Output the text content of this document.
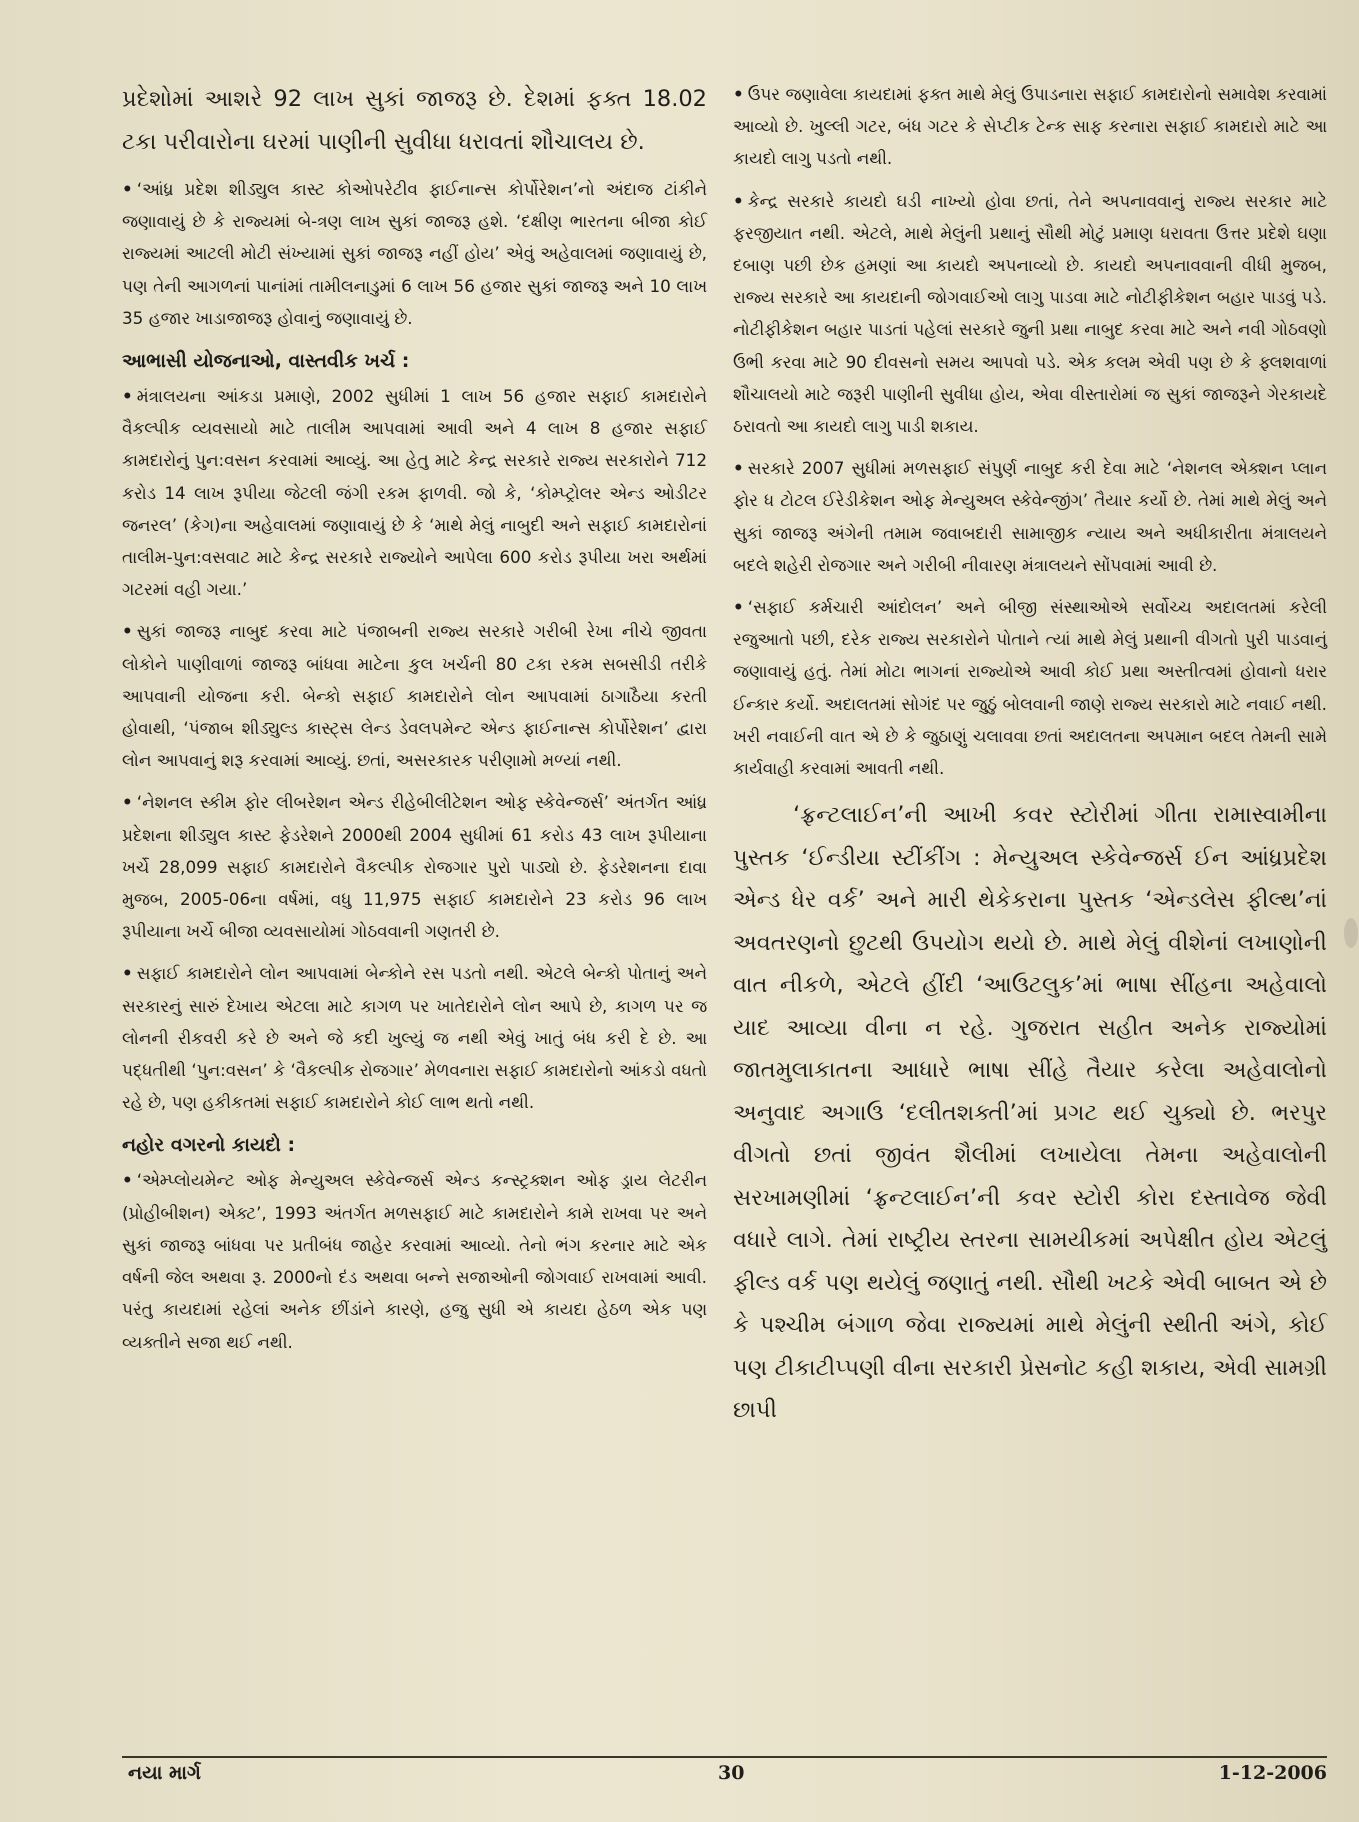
પ્રદેશોમાં આશરે 92 લાખ સુકાં જાજરૂ છે. દેશમાં ફક્ત 18.02 ટકા પરીવારોના ઘરમાં પાણીની સુવીધા ધરાવતાં શૌચાલય છે.

• ‘આંધ્ર પ્રદેશ શીડ્યુલ કાસ્ટ કોઓપરેટીવ ફાઈનાન્સ કોર્પોરેશન’નો અંદાજ ટાંકીને જણાવાયું છે કે રાજ્યમાં બે-ત્રણ લાખ સુકાં જાજરૂ હશે. ‘દક્ષીણ ભારતના બીજા કોઈ રાજ્યમાં આટલી મોટી સંખ્યામાં સુકાં જાજરૂ નહીં હોય’ એવું અહેવાલમાં જણાવાયું છે, પણ તેની આગળનાં પાનાંમાં તામીલનાડુમાં 6 લાખ 56 હજાર સુકાં જાજરૂ અને 10 લાખ 35 હજાર ખાડાજાજરૂ હોવાનું જણાવાયું છે.

આભાસી યોજનાઓ, વાસ્તવીક ખર્ચ :

• મંત્રાલયના આંકડા પ્રમાણે, 2002 સુધીમાં 1 લાખ 56 હજાર સફાઈ કામદારોને વૈકલ્પીક વ્યવસાયો માટે તાલીમ આપવામાં આવી અને 4 લાખ 8 હજાર સફાઈ કામદારોનું પુન:વસન કરવામાં આવ્યું. આ હેતુ માટે કેન્દ્ર સરકારે રાજ્ય સરકારોને 712 કરોડ 14 લાખ રૂપીયા જેટલી જંગી રકમ ફાળવી. જો કે, ‘કોમ્પ્ટ્રોલર એન્ડ ઓડીટર જનરલ’ (કેગ)ના અહેવાલમાં જણાવાયું છે કે ‘માથે મેલું નાબુદી અને સફાઈ કામદારોનાં તાલીમ-પુન:વસવાટ માટે કેન્દ્ર સરકારે રાજ્યોને આપેલા 600 કરોડ રૂપીયા ખરા અર્થમાં ગટરમાં વહી ગયા.’

• સુકાં જાજરૂ નાબુદ કરવા માટે પંજાબની રાજ્ય સરકારે ગરીબી રેખા નીચે જીવતા લોકોને પાણીવાળાં જાજરૂ બાંધવા માટેના કુલ ખર્ચની 80 ટકા રકમ સબસીડી તરીકે આપવાની યોજના કરી. બેન્કો સફાઈ કામદારોને લોન આપવામાં ઠાગાઠૈયા કરતી હોવાથી, ‘પંજાબ શીડ્યુલ્ડ કાસ્ટ્સ લેન્ડ ડેવલપમેન્ટ એન્ડ ફાઈનાન્સ કોર્પોરેશન’ દ્વારા લોન આપવાનું શરૂ કરવામાં આવ્યું. છતાં, અસરકારક પરીણામો મળ્યાં નથી.

• ‘નેશનલ સ્કીમ ફોર લીબરેશન એન્ડ રીહેબીલીટેશન ઓફ સ્કેવેન્જર્સ’ અંતર્ગત આંધ્ર પ્રદેશના શીડ્યુલ કાસ્ટ ફેડરેશને 2000થી 2004 સુધીમાં 61 કરોડ 43 લાખ રૂપીયાના ખર્ચે 28,099 સફાઈ કામદારોને વૈકલ્પીક રોજગાર પુરો પાડ્યો છે. ફેડરેશનના દાવા મુજબ, 2005-06ના વર્ષમાં, વધુ 11,975 સફાઈ કામદારોને 23 કરોડ 96 લાખ રૂપીયાના ખર્ચે બીજા વ્યવસાયોમાં ગોઠવવાની ગણતરી છે.

• સફાઈ કામદારોને લોન આપવામાં બેન્કોને રસ પડતો નથી. એટલે બેન્કો પોતાનું અને સરકારનું સારું દેખાય એટલા માટે કાગળ પર ખાતેદારોને લોન આપે છે, કાગળ પર જ લોનની રીકવરી કરે છે અને જે કદી ખુલ્યું જ નથી એવું ખાતું બંધ કરી દે છે. આ પદ્ધતીથી ‘પુન:વસન’ કે ‘વૈકલ્પીક રોજગાર’ મેળવનારા સફાઈ કામદારોનો આંકડો વધતો રહે છે, પણ હકીકતમાં સફાઈ કામદારોને કોઈ લાભ થતો નથી.

નહોર વગરનો કાયદો :

• ‘એમ્પ્લોયમેન્ટ ઓફ મેન્યુઅલ સ્કેવેન્જર્સ એન્ડ કન્સ્ટ્રક્શન ઓફ ડ્રાય લેટરીન (પ્રોહીબીશન) એક્ટ’, 1993 અંતર્ગત મળસફાઈ માટે કામદારોને કામે રાખવા પર અને સુકાં જાજરૂ બાંધવા પર પ્રતીબંધ જાહેર કરવામાં આવ્યો. તેનો ભંગ કરનાર માટે એક વર્ષની જેલ અથવા રૂ. 2000નો દંડ અથવા બન્ને સજાઓની જોગવાઈ રાખવામાં આવી. પરંતુ કાયદામાં રહેલાં અનેક છીંડાંને કારણે, હજુ સુધી એ કાયદા હેઠળ એક પણ વ્યક્તીને સજા થઈ નથી.

• ઉપર જણાવેલા કાયદામાં ફક્ત માથે મેલું ઉપાડનારા સફાઈ કામદારોનો સમાવેશ કરવામાં આવ્યો છે. ખુલ્લી ગટર, બંધ ગટર કે સેપ્ટીક ટેન્ક સાફ કરનારા સફાઈ કામદારો માટે આ કાયદો લાગુ પડતો નથી.

• કેન્દ્ર સરકારે કાયદો ઘડી નાખ્યો હોવા છતાં, તેને અપનાવવાનું રાજ્ય સરકાર માટે ફરજીયાત નથી. એટલે, માથે મેલુંની પ્રથાનું સૌથી મોટું પ્રમાણ ધરાવતા ઉત્તર પ્રદેશે ઘણા દબાણ પછી છેક હમણાં આ કાયદો અપનાવ્યો છે. કાયદો અપનાવવાની વીધી મુજબ, રાજ્ય સરકારે આ કાયદાની જોગવાઈઓ લાગુ પાડવા માટે નોટીફીકેશન બહાર પાડવું પડે. નોટીફીકેશન બહાર પાડતાં પહેલાં સરકારે જુની પ્રથા નાબુદ કરવા માટે અને નવી ગોઠવણો ઉભી કરવા માટે 90 દીવસનો સમય આપવો પડે. એક કલમ એવી પણ છે કે ફ્લશવાળાં શૌચાલયો માટે જરૂરી પાણીની સુવીધા હોય, એવા વીસ્તારોમાં જ સુકાં જાજરૂને ગેરકાયદે ઠરાવતો આ કાયદો લાગુ પાડી શકાય.

• સરકારે 2007 સુધીમાં મળસફાઈ સંપુર્ણ નાબુદ કરી દેવા માટે ‘નેશનલ એક્શન પ્લાન ફોર ધ ટોટલ ઈરેડીકેશન ઓફ મેન્યુઅલ સ્કેવેન્જીંગ’ તૈયાર કર્યો છે. તેમાં માથે મેલું અને સુકાં જાજરૂ અંગેની તમામ જવાબદારી સામાજીક ન્યાય અને અધીકારીતા મંત્રાલયને બદલે શહેરી રોજગાર અને ગરીબી નીવારણ મંત્રાલયને સોંપવામાં આવી છે.

• ‘સફાઈ કર્મચારી આંદોલન’ અને બીજી સંસ્થાઓએ સર્વોચ્ચ અદાલતમાં કરેલી રજુઆતો પછી, દરેક રાજ્ય સરકારોને પોતાને ત્યાં માથે મેલું પ્રથાની વીગતો પુરી પાડવાનું જણાવાયું હતું. તેમાં મોટા ભાગનાં રાજ્યોએ આવી કોઈ પ્રથા અસ્તીત્વમાં હોવાનો ધરાર ઈન્કાર કર્યો. અદાલતમાં સોગંદ પર જુઠું બોલવાની જાણે રાજ્ય સરકારો માટે નવાઈ નથી. ખરી નવાઈની વાત એ છે કે જુઠાણું ચલાવવા છતાં અદાલતના અપમાન બદલ તેમની સામે કાર્યવાહી કરવામાં આવતી નથી.

‘ફ્રન્ટલાઈન’ની આખી કવર સ્ટોરીમાં ગીતા રામાસ્વામીના પુસ્તક ‘ઈન્ડીયા સ્ટીંકીંગ : મેન્યુઅલ સ્કેવેન્જર્સ ઈન આંધ્રપ્રદેશ એન્ડ ધેર વર્ક’ અને મારી થેકેકરાના પુસ્તક ‘એન્ડલેસ ફીલ્થ’નાં અવતરણનો છુટથી ઉપયોગ થયો છે. માથે મેલું વીશેનાં લખાણોની વાત નીકળે, એટલે હીંદી ‘આઉટલુક’માં ભાષા સીંહના અહેવાલો યાદ આવ્યા વીના ન રહે. ગુજરાત સહીત અનેક રાજ્યોમાં જાતમુલાકાતના આધારે ભાષા સીંહે તૈયાર કરેલા અહેવાલોનો અનુવાદ અગાઉ ‘દલીતશક્તી’માં પ્રગટ થઈ ચુક્યો છે. ભરપુર વીગતો છતાં જીવંત શૈલીમાં લખાયેલા તેમના અહેવાલોની સરખામણીમાં ‘ફ્રન્ટલાઈન’ની કવર સ્ટોરી કોરા દસ્તાવેજ જેવી વધારે લાગે. તેમાં રાષ્ટ્રીય સ્તરના સામયીકમાં અપેક્ષીત હોય એટલું ફીલ્ડ વર્ક પણ થયેલું જણાતું નથી. સૌથી ખટકે એવી બાબત એ છે કે પશ્ચીમ બંગાળ જેવા રાજ્યમાં માથે મેલુંની સ્થીતી અંગે, કોઈ પણ ટીકાટીપ્પણી વીના સરકારી પ્રેસનોટ કહી શકાય, એવી સામગ્રી છાપી

નયા માર્ગ	30	1-12-2006
